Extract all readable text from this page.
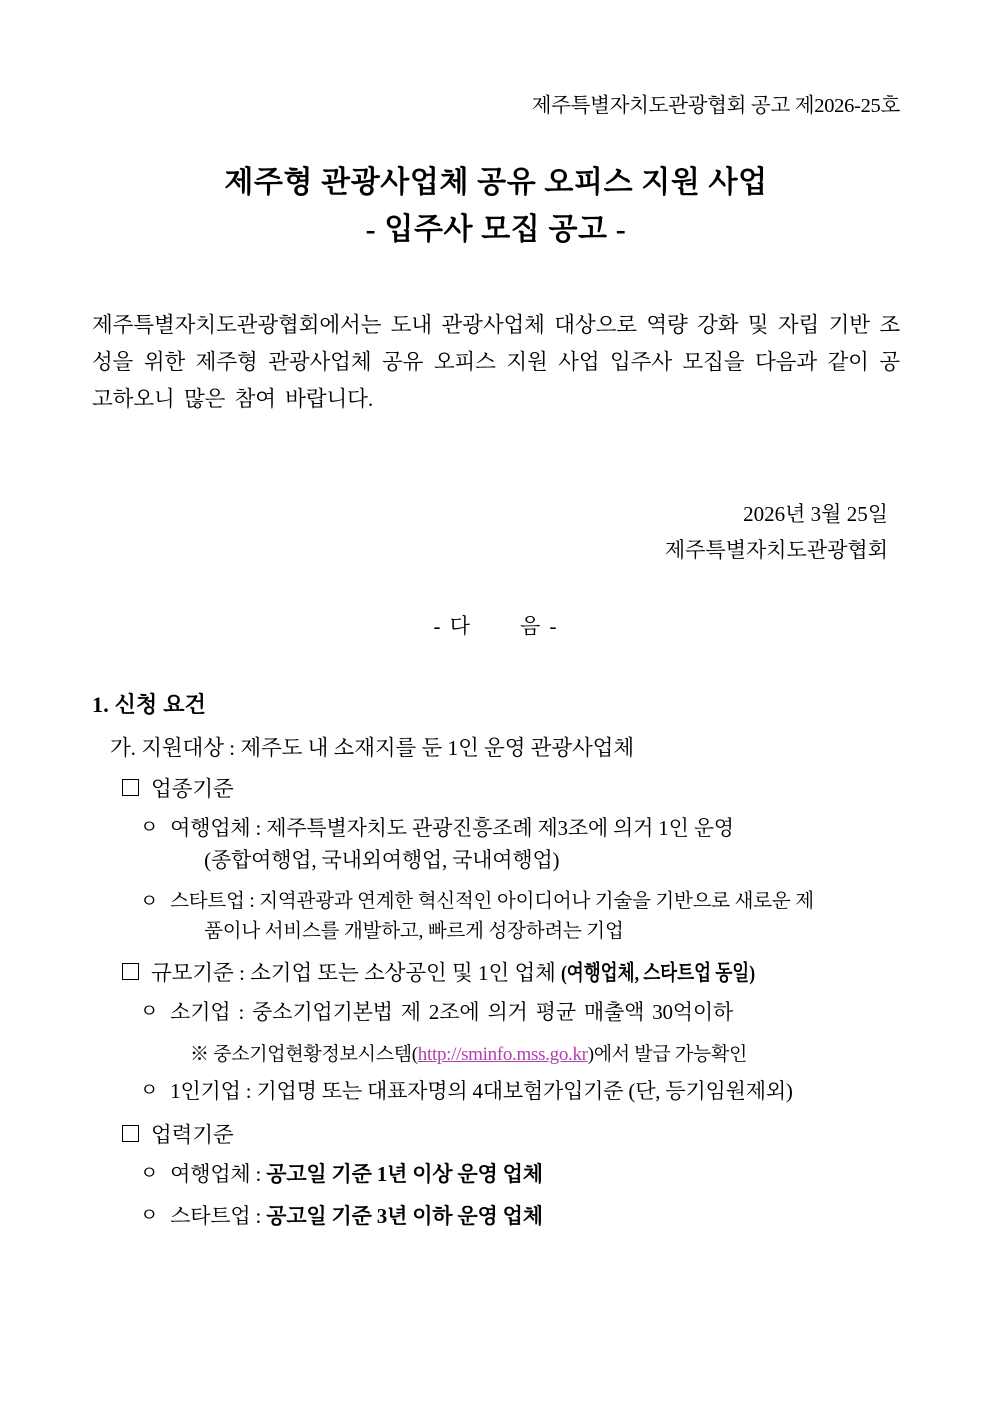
제주특별자치도관광협회 공고 제2026-25호
제주형 관광사업체 공유 오피스 지원 사업
- 입주사 모집 공고 -

제주특별자치도관광협회에서는 도내 관광사업체 대상으로 역량 강화 및 자립 기반 조성을 위한 제주형 관광사업체 공유 오피스 지원 사업 입주사 모집을 다음과 같이 공고하오니 많은 참여 바랍니다.

2026년 3월 25일
제주특별자치도관광협회
- 다 음 -
1. 신청 요건
가. 지원대상 : 제주도 내 소재지를 둔 1인 운영 관광사업체
업종기준
ㅇ 여행업체 : 제주특별자치도 관광진흥조례 제3조에 의거 1인 운영
(종합여행업, 국내외여행업, 국내여행업)
ㅇ 스타트업 : 지역관광과 연계한 혁신적인 아이디어나 기술을 기반으로 새로운 제
품이나 서비스를 개발하고, 빠르게 성장하려는 기업
규모기준 : 소기업 또는 소상공인 및 1인 업체 (여행업체, 스타트업 동일)
ㅇ 소기업 : 중소기업기본법 제 2조에 의거 평균 매출액 30억이하
※ 중소기업현황정보시스템(http://sminfo.mss.go.kr)에서 발급 가능확인
ㅇ 1인기업 : 기업명 또는 대표자명의 4대보험가입기준 (단, 등기임원제외)
업력기준
ㅇ 여행업체 : 공고일 기준 1년 이상 운영 업체
ㅇ 스타트업 : 공고일 기준 3년 이하 운영 업체
